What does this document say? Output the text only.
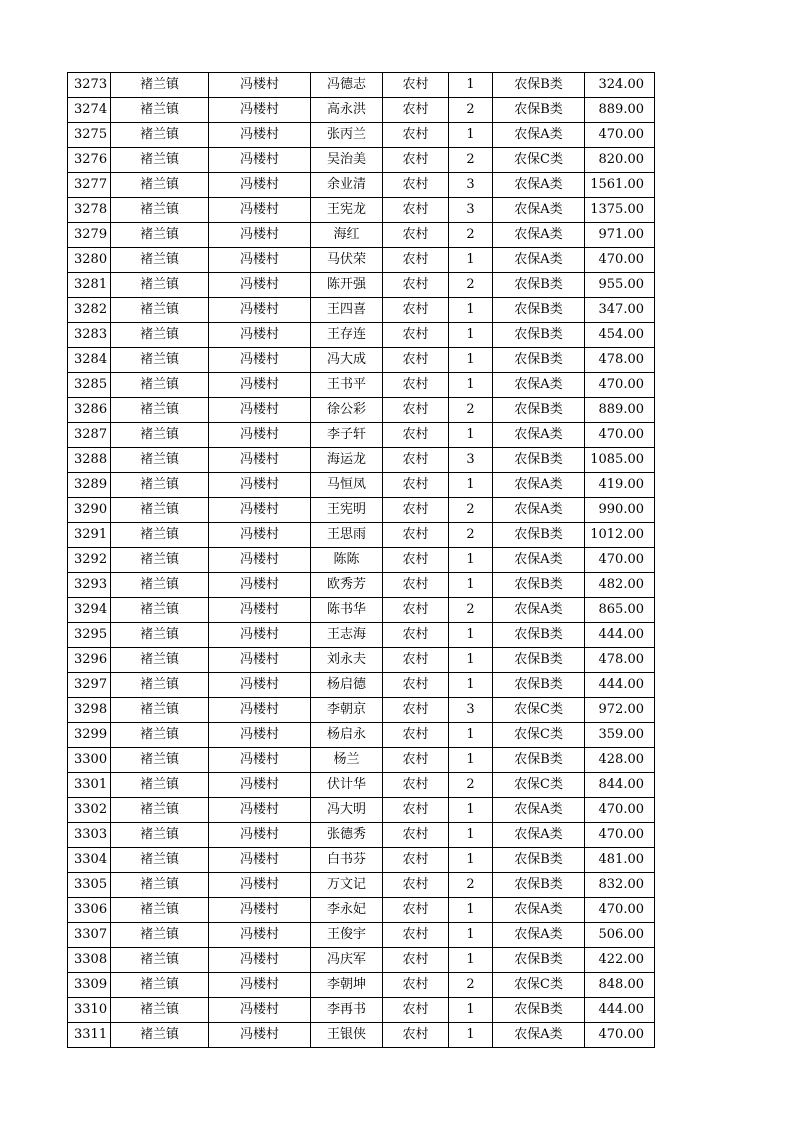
3273	褚兰镇	冯楼村	冯德志	农村	1	农保B类	324.00
3274	褚兰镇	冯楼村	高永洪	农村	2	农保B类	889.00
3275	褚兰镇	冯楼村	张丙兰	农村	1	农保A类	470.00
3276	褚兰镇	冯楼村	吴治美	农村	2	农保C类	820.00
3277	褚兰镇	冯楼村	余业清	农村	3	农保A类	1561.00
3278	褚兰镇	冯楼村	王宪龙	农村	3	农保A类	1375.00
3279	褚兰镇	冯楼村	海红	农村	2	农保A类	971.00
3280	褚兰镇	冯楼村	马伏荣	农村	1	农保A类	470.00
3281	褚兰镇	冯楼村	陈开强	农村	2	农保B类	955.00
3282	褚兰镇	冯楼村	王四喜	农村	1	农保B类	347.00
3283	褚兰镇	冯楼村	王存连	农村	1	农保B类	454.00
3284	褚兰镇	冯楼村	冯大成	农村	1	农保B类	478.00
3285	褚兰镇	冯楼村	王书平	农村	1	农保A类	470.00
3286	褚兰镇	冯楼村	徐公彩	农村	2	农保B类	889.00
3287	褚兰镇	冯楼村	李子轩	农村	1	农保A类	470.00
3288	褚兰镇	冯楼村	海运龙	农村	3	农保B类	1085.00
3289	褚兰镇	冯楼村	马恒凤	农村	1	农保A类	419.00
3290	褚兰镇	冯楼村	王宪明	农村	2	农保A类	990.00
3291	褚兰镇	冯楼村	王思雨	农村	2	农保B类	1012.00
3292	褚兰镇	冯楼村	陈陈	农村	1	农保A类	470.00
3293	褚兰镇	冯楼村	欧秀芳	农村	1	农保B类	482.00
3294	褚兰镇	冯楼村	陈书华	农村	2	农保A类	865.00
3295	褚兰镇	冯楼村	王志海	农村	1	农保B类	444.00
3296	褚兰镇	冯楼村	刘永夫	农村	1	农保B类	478.00
3297	褚兰镇	冯楼村	杨启德	农村	1	农保B类	444.00
3298	褚兰镇	冯楼村	李朝京	农村	3	农保C类	972.00
3299	褚兰镇	冯楼村	杨启永	农村	1	农保C类	359.00
3300	褚兰镇	冯楼村	杨兰	农村	1	农保B类	428.00
3301	褚兰镇	冯楼村	伏计华	农村	2	农保C类	844.00
3302	褚兰镇	冯楼村	冯大明	农村	1	农保A类	470.00
3303	褚兰镇	冯楼村	张德秀	农村	1	农保A类	470.00
3304	褚兰镇	冯楼村	白书芬	农村	1	农保B类	481.00
3305	褚兰镇	冯楼村	万文记	农村	2	农保B类	832.00
3306	褚兰镇	冯楼村	李永妃	农村	1	农保A类	470.00
3307	褚兰镇	冯楼村	王俊宇	农村	1	农保A类	506.00
3308	褚兰镇	冯楼村	冯庆军	农村	1	农保B类	422.00
3309	褚兰镇	冯楼村	李朝坤	农村	2	农保C类	848.00
3310	褚兰镇	冯楼村	李再书	农村	1	农保B类	444.00
3311	褚兰镇	冯楼村	王银侠	农村	1	农保A类	470.00
